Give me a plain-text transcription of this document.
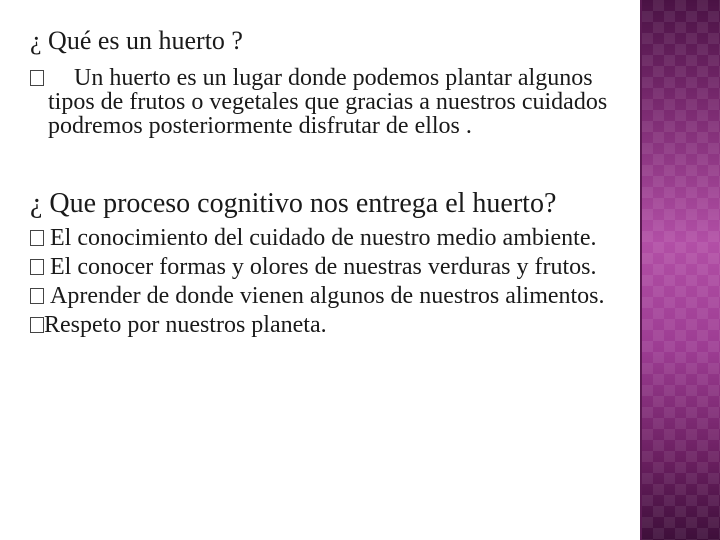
¿ Qué es un huerto ?

Un huerto es un lugar donde podemos plantar algunos tipos de frutos o vegetales que gracias a nuestros cuidados podremos posteriormente disfrutar de ellos .

¿ Que proceso cognitivo nos entrega el huerto?

El conocimiento del cuidado de nuestro medio ambiente.

El conocer formas y olores de nuestras verduras y frutos.

Aprender de donde vienen algunos de nuestros alimentos.

Respeto por nuestros planeta.
